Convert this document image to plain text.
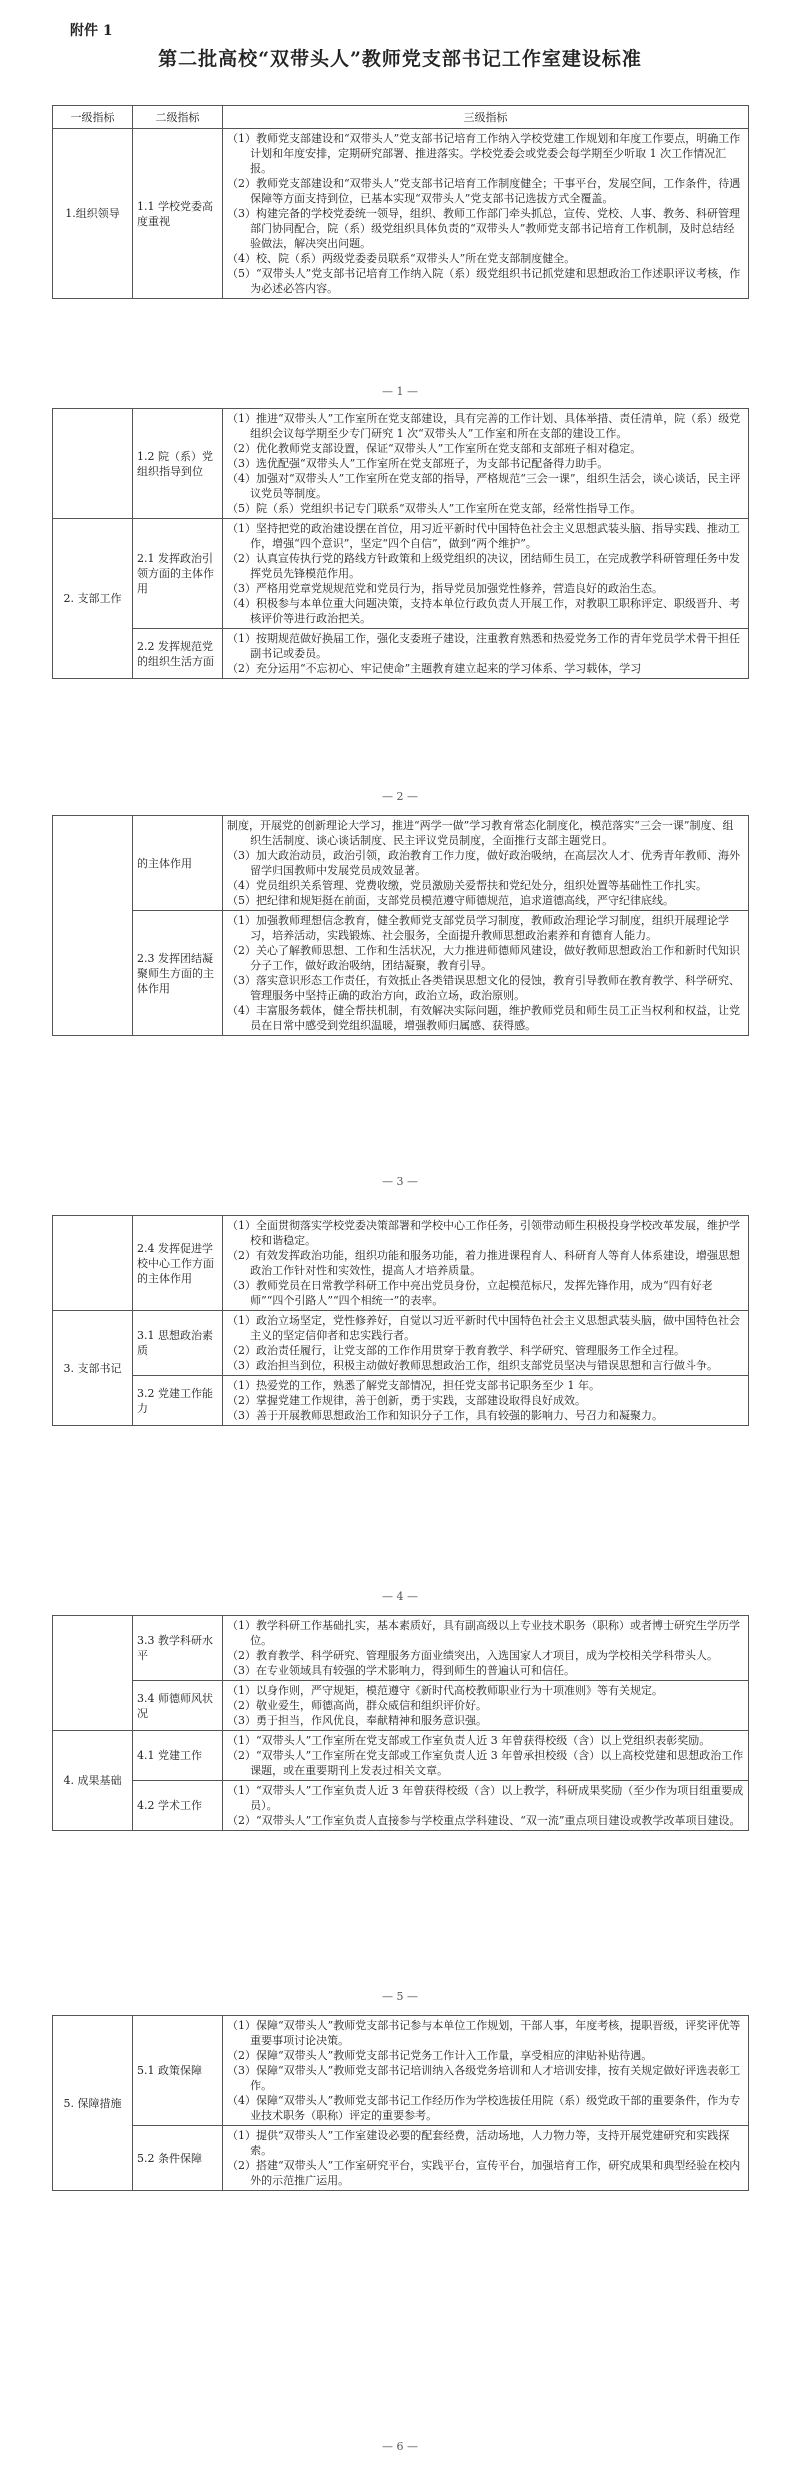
附件 1
第二批高校“双带头人”教师党支部书记工作室建设标准
一级指标	二级指标	三级指标
1.组织领导	1.1 学校党委高度重视	（1）教师党支部建设和“双带头人”党支部书记培育工作纳入学校党建工作规划和年度工作要点，明确工作计划和年度安排，定期研究部署、推进落实。学校党委会或党委会每学期至少听取 1 次工作情况汇报。
（2）教师党支部建设和“双带头人”党支部书记培育工作制度健全；干事平台，发展空间，工作条件，待遇保障等方面支持到位，已基本实现“双带头人”党支部书记选拔方式全覆盖。
（3）构建完备的学校党委统一领导，组织、教师工作部门牵头抓总，宣传、党校、人事、教务、科研管理部门协同配合，院（系）级党组织具体负责的“双带头人”教师党支部书记培育工作机制，及时总结经验做法，解决突出问题。
（4）校、院（系）两级党委委员联系“双带头人”所在党支部制度健全。
（5）“双带头人”党支部书记培育工作纳入院（系）级党组织书记抓党建和思想政治工作述职评议考核，作为必述必答内容。
— 1 —
	1.2 院（系）党组织指导到位	（1）推进“双带头人”工作室所在党支部建设，具有完善的工作计划、具体举措、责任清单，院（系）级党组织会议每学期至少专门研究 1 次“双带头人”工作室和所在支部的建设工作。
（2）优化教师党支部设置，保证“双带头人”工作室所在党支部和支部班子相对稳定。
（3）选优配强“双带头人”工作室所在党支部班子，为支部书记配备得力助手。
（4）加强对“双带头人”工作室所在党支部的指导，严格规范“三会一课”，组织生活会，谈心谈话，民主评议党员等制度。
（5）院（系）党组织书记专门联系“双带头人”工作室所在党支部，经常性指导工作。

2. 支部工作	2.1 发挥政治引领方面的主体作用	（1）坚持把党的政治建设摆在首位，用习近平新时代中国特色社会主义思想武装头脑、指导实践、推动工作，增强“四个意识”，坚定“四个自信”，做到“两个维护”。
（2）认真宣传执行党的路线方针政策和上级党组织的决议，团结师生员工，在完成教学科研管理任务中发挥党员先锋模范作用。
（3）严格用党章党规规范党和党员行为，指导党员加强党性修养，营造良好的政治生态。
（4）积极参与本单位重大问题决策，支持本单位行政负责人开展工作，对教职工职称评定、职级晋升、考核评价等进行政治把关。

	2.2 发挥规范党的组织生活方面	（1）按期规范做好换届工作，强化支委班子建设，注重教育熟悉和热爱党务工作的青年党员学术骨干担任副书记或委员。
（2）充分运用“不忘初心、牢记使命”主题教育建立起来的学习体系、学习载体，学习
— 2 —
	的主体作用	制度，开展党的创新理论大学习，推进“两学一做”学习教育常态化制度化，模范落实“三会一课”制度、组织生活制度、谈心谈话制度、民主评议党员制度，全面推行支部主题党日。
（3）加大政治动员，政治引领，政治教育工作力度，做好政治吸纳，在高层次人才、优秀青年教师、海外留学归国教师中发展党员成效显著。
（4）党员组织关系管理、党费收缴，党员激励关爱帮扶和党纪处分，组织处置等基础性工作扎实。
（5）把纪律和规矩挺在前面，支部党员模范遵守师德规范，追求道德高线，严守纪律底线。

	2.3 发挥团结凝聚师生方面的主体作用	（1）加强教师理想信念教育，健全教师党支部党员学习制度，教师政治理论学习制度，组织开展理论学习，培养活动，实践锻炼、社会服务，全面提升教师思想政治素养和育德育人能力。
（2）关心了解教师思想、工作和生活状况，大力推进师德师风建设，做好教师思想政治工作和新时代知识分子工作，做好政治吸纳，团结凝聚，教育引导。
（3）落实意识形态工作责任，有效抵止各类错误思想文化的侵蚀，教育引导教师在教育教学、科学研究、管理服务中坚持正确的政治方向，政治立场，政治原则。
（4）丰富服务载体，健全帮扶机制，有效解决实际问题，维护教师党员和师生员工正当权利和权益，让党员在日常中感受到党组织温暖，增强教师归属感、获得感。
— 3 —
	2.4 发挥促进学校中心工作方面的主体作用	（1）全面贯彻落实学校党委决策部署和学校中心工作任务，引领带动师生积极投身学校改革发展，维护学校和谐稳定。
（2）有效发挥政治功能，组织功能和服务功能，着力推进课程育人、科研育人等育人体系建设，增强思想政治工作针对性和实效性，提高人才培养质量。
（3）教师党员在日常教学科研工作中亮出党员身份，立起模范标尺，发挥先锋作用，成为“四有好老师”“四个引路人”“四个相统一”的表率。

3. 支部书记	3.1 思想政治素质	（1）政治立场坚定，党性修养好，自觉以习近平新时代中国特色社会主义思想武装头脑，做中国特色社会主义的坚定信仰者和忠实践行者。
（2）政治责任履行，让党支部的工作作用贯穿于教育教学、科学研究、管理服务工作全过程。
（3）政治担当到位，积极主动做好教师思想政治工作，组织支部党员坚决与错误思想和言行做斗争。

	3.2 党建工作能力	（1）热爱党的工作，熟悉了解党支部情况，担任党支部书记职务至少 1 年。
（2）掌握党建工作规律，善于创新，勇于实践，支部建设取得良好成效。
（3）善于开展教师思想政治工作和知识分子工作，具有较强的影响力、号召力和凝聚力。
— 4 —
	3.3 教学科研水平	（1）教学科研工作基础扎实，基本素质好，具有副高级以上专业技术职务（职称）或者博士研究生学历学位。
（2）教育教学、科学研究、管理服务方面业绩突出，入选国家人才项目，成为学校相关学科带头人。
（3）在专业领域具有较强的学术影响力，得到师生的普遍认可和信任。

	3.4 师德师风状况	（1）以身作则，严守规矩，模范遵守《新时代高校教师职业行为十项准则》等有关规定。
（2）敬业爱生，师德高尚，群众威信和组织评价好。
（3）勇于担当，作风优良，奉献精神和服务意识强。

4. 成果基础	4.1 党建工作	（1）“双带头人”工作室所在党支部或工作室负责人近 3 年曾获得校级（含）以上党组织表彰奖励。
（2）“双带头人”工作室所在党支部或工作室负责人近 3 年曾承担校级（含）以上高校党建和思想政治工作课题，或在重要期刊上发表过相关文章。

	4.2 学术工作	（1）“双带头人”工作室负责人近 3 年曾获得校级（含）以上教学，科研成果奖励（至少作为项目组重要成员）。
（2）“双带头人”工作室负责人直接参与学校重点学科建设、“双一流”重点项目建设或教学改革项目建设。
— 5 —
5. 保障措施	5.1 政策保障	（1）保障“双带头人”教师党支部书记参与本单位工作规划，干部人事，年度考核，提职晋级，评奖评优等重要事项讨论决策。
（2）保障“双带头人”教师党支部书记党务工作计入工作量，享受相应的津贴补贴待遇。
（3）保障“双带头人”教师党支部书记培训纳入各级党务培训和人才培训安排，按有关规定做好评选表彰工作。
（4）保障“双带头人”教师党支部书记工作经历作为学校选拔任用院（系）级党政干部的重要条件，作为专业技术职务（职称）评定的重要参考。

	5.2 条件保障	（1）提供“双带头人”工作室建设必要的配套经费，活动场地，人力物力等，支持开展党建研究和实践探索。
（2）搭建“双带头人”工作室研究平台，实践平台，宣传平台，加强培育工作，研究成果和典型经验在校内外的示范推广运用。
— 6 —
